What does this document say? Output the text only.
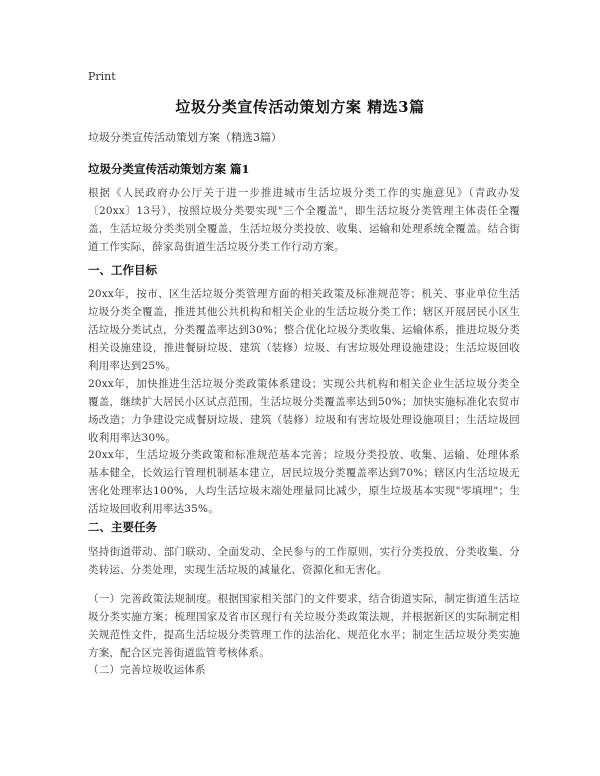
Print
垃圾分类宣传活动策划方案 精选3篇
垃圾分类宣传活动策划方案（精选3篇）
垃圾分类宣传活动策划方案 篇1
根据《人民政府办公厅关于进一步推进城市生活垃圾分类工作的实施意见》（青政办发〔20xx〕13号），按照垃圾分类要实现"三个全覆盖"，即生活垃圾分类管理主体责任全覆盖，生活垃圾分类类别全覆盖，生活垃圾分类投放、收集、运输和处理系统全覆盖。结合街道工作实际，薛家岛街道生活垃圾分类工作行动方案。
一、工作目标
20xx年，按市、区生活垃圾分类管理方面的相关政策及标准规范等；机关、事业单位生活垃圾分类全覆盖，推进其他公共机构和相关企业的生活垃圾分类工作；辖区开展居民小区生活垃圾分类试点，分类覆盖率达到30%；整合优化垃圾分类收集、运输体系，推进垃圾分类相关设施建设，推进餐厨垃圾、建筑（装修）垃圾、有害垃圾处理设施建设；生活垃圾回收利用率达到25%。
20xx年，加快推进生活垃圾分类政策体系建设；实现公共机构和相关企业生活垃圾分类全覆盖，继续扩大居民小区试点范围，生活垃圾分类覆盖率达到50%；加快实施标准化农贸市场改造；力争建设完成餐厨垃圾、建筑（装修）垃圾和有害垃圾处理设施项目；生活垃圾回收利用率达30%。
20xx年，生活垃圾分类政策和标准规范基本完善；垃圾分类投放、收集、运输、处理体系基本健全，长效运行管理机制基本建立，居民垃圾分类覆盖率达到70%；辖区内生活垃圾无害化处理率达100%，人均生活垃圾末端处理量同比减少，原生垃圾基本实现"零填埋"；生活垃圾回收利用率达35%。
二、主要任务
坚持街道带动、部门联动、全面发动、全民参与的工作原则，实行分类投放、分类收集、分类转运、分类处理，实现生活垃圾的减量化、资源化和无害化。
（一）完善政策法规制度。根据国家相关部门的文件要求，结合街道实际，制定街道生活垃圾分类实施方案；梳理国家及省市区现行有关垃圾分类政策法规，并根据新区的实际制定相关规范性文件，提高生活垃圾分类管理工作的法治化、规范化水平；制定生活垃圾分类实施方案，配合区完善街道监管考核体系。
（二）完善垃圾收运体系
